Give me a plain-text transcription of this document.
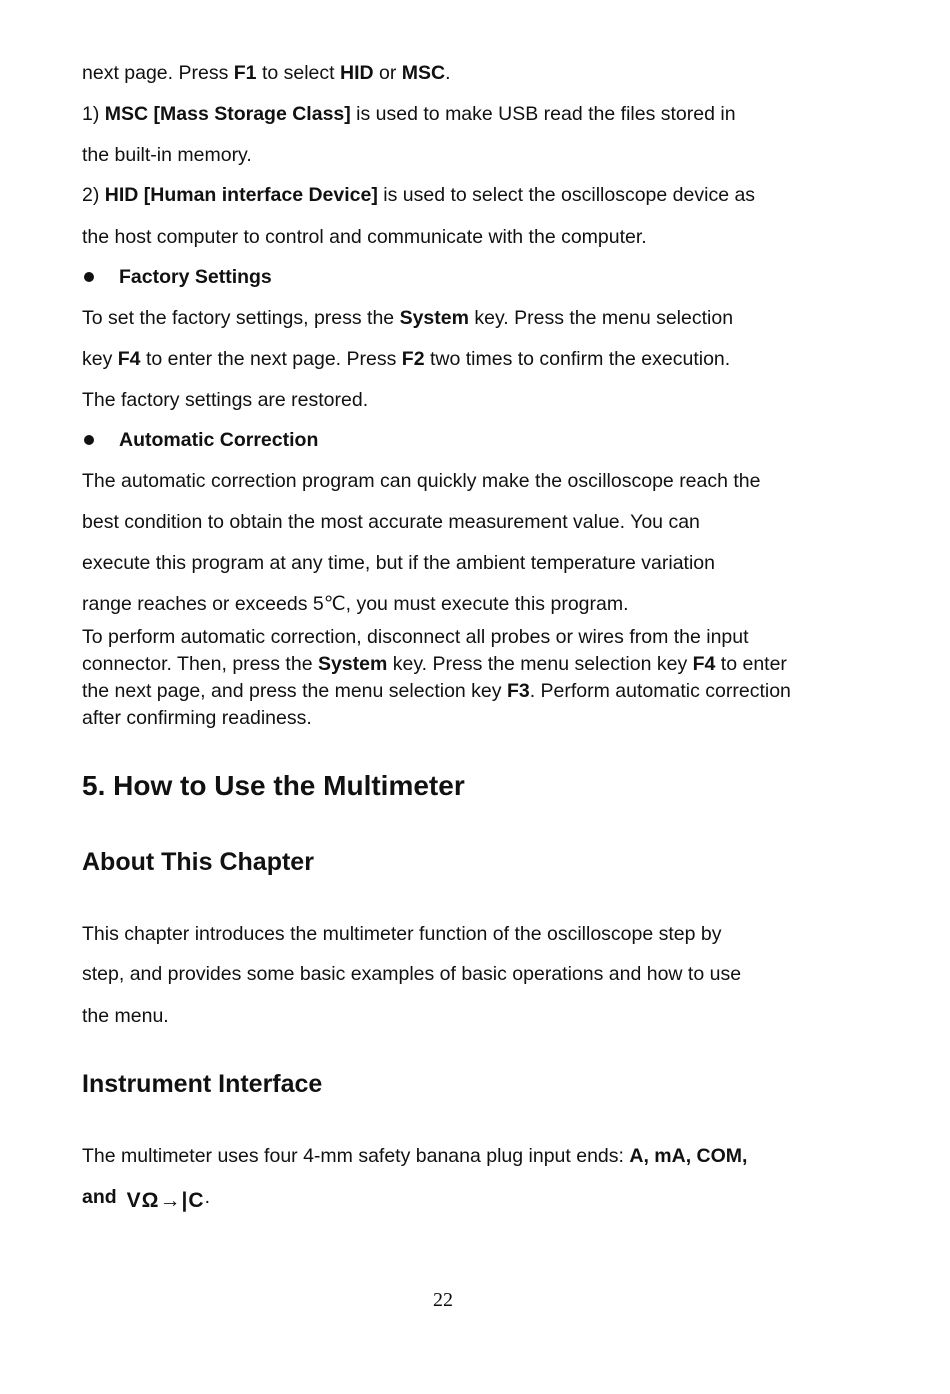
next page. Press F1 to select HID or MSC.
1) MSC [Mass Storage Class] is used to make USB read the files stored in
the built-in memory.
2) HID [Human interface Device] is used to select the oscilloscope device as
the host computer to control and communicate with the computer.
Factory Settings
To set the factory settings, press the System key. Press the menu selection
key F4 to enter the next page. Press F2 two times to confirm the execution.
The factory settings are restored.
Automatic Correction
The automatic correction program can quickly make the oscilloscope reach the
best condition to obtain the most accurate measurement value. You can
execute this program at any time, but if the ambient temperature variation
range reaches or exceeds 5℃, you must execute this program.
To perform automatic correction, disconnect all probes or wires from the input connector. Then, press the System key. Press the menu selection key F4 to enter the next page, and press the menu selection key F3. Perform automatic correction after confirming readiness.
5. How to Use the Multimeter
About This Chapter
This chapter introduces the multimeter function of the oscilloscope step by
step, and provides some basic examples of basic operations and how to use
the menu.
Instrument Interface
The multimeter uses four 4-mm safety banana plug input ends: A, mA, COM,
and VΩ→|C.
22
